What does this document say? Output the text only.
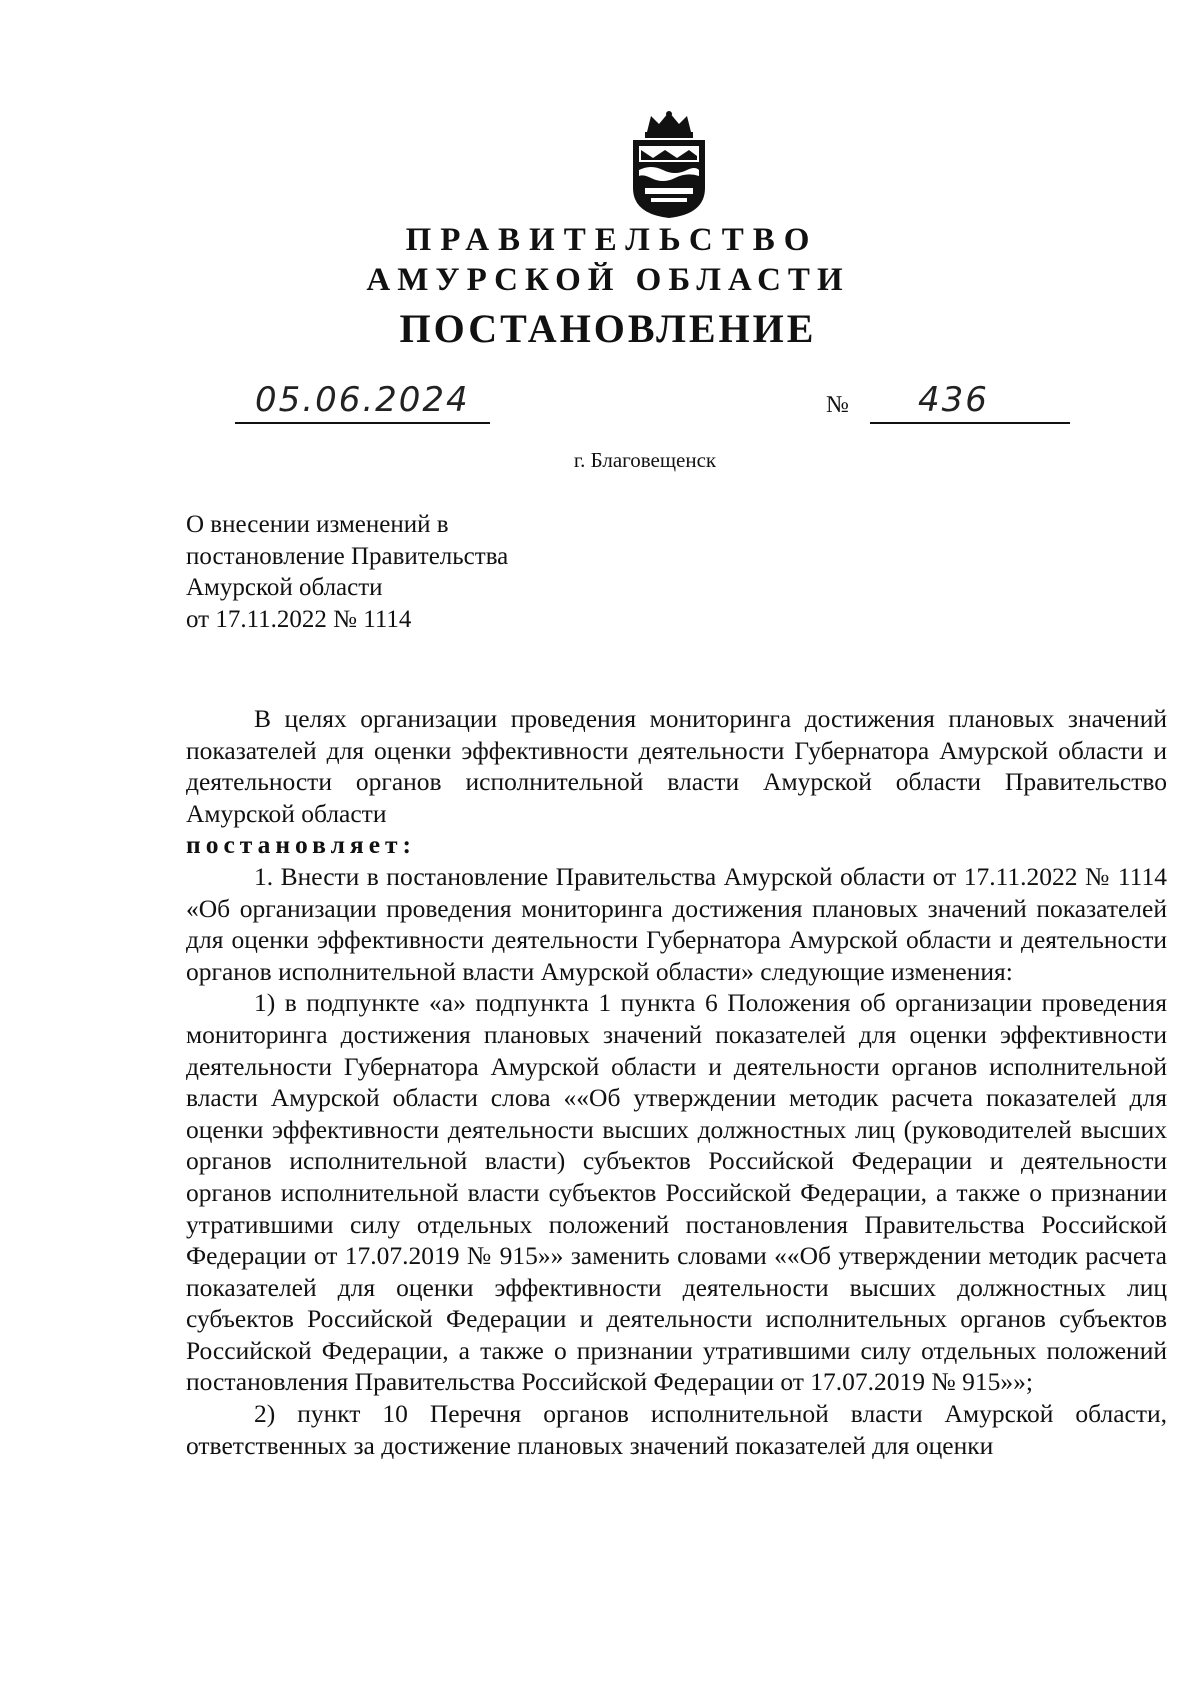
ПРАВИТЕЛЬСТВО
АМУРСКОЙ ОБЛАСТИ
ПОСТАНОВЛЕНИЕ
05.06.2024	№ 436
г. Благовещенск
О внесении изменений в
постановление Правительства
Амурской области
от 17.11.2022 № 1114

В целях организации проведения мониторинга достижения плановых значений показателей для оценки эффективности деятельности Губернатора Амурской области и деятельности органов исполнительной власти Амурской области Правительство Амурской области

постановляет:

1. Внести в постановление Правительства Амурской области от 17.11.2022 № 1114 «Об организации проведения мониторинга достижения плановых значений показателей для оценки эффективности деятельности Губернатора Амурской области и деятельности органов исполнительной власти Амурской области» следующие изменения:

1) в подпункте «а» подпункта 1 пункта 6 Положения об организации проведения мониторинга достижения плановых значений показателей для оценки эффективности деятельности Губернатора Амурской области и деятельности органов исполнительной власти Амурской области слова ««Об утверждении методик расчета показателей для оценки эффективности деятельности высших должностных лиц (руководителей высших органов исполнительной власти) субъектов Российской Федерации и деятельности органов исполнительной власти субъектов Российской Федерации, а также о признании утратившими силу отдельных положений постановления Правительства Российской Федерации от 17.07.2019 № 915»» заменить словами ««Об утверждении методик расчета показателей для оценки эффективности деятельности высших должностных лиц субъектов Российской Федерации и деятельности исполнительных органов субъектов Российской Федерации, а также о признании утратившими силу отдельных положений постановления Правительства Российской Федерации от 17.07.2019 № 915»»;

2) пункт 10 Перечня органов исполнительной власти Амурской области, ответственных за достижение плановых значений показателей для оценки
